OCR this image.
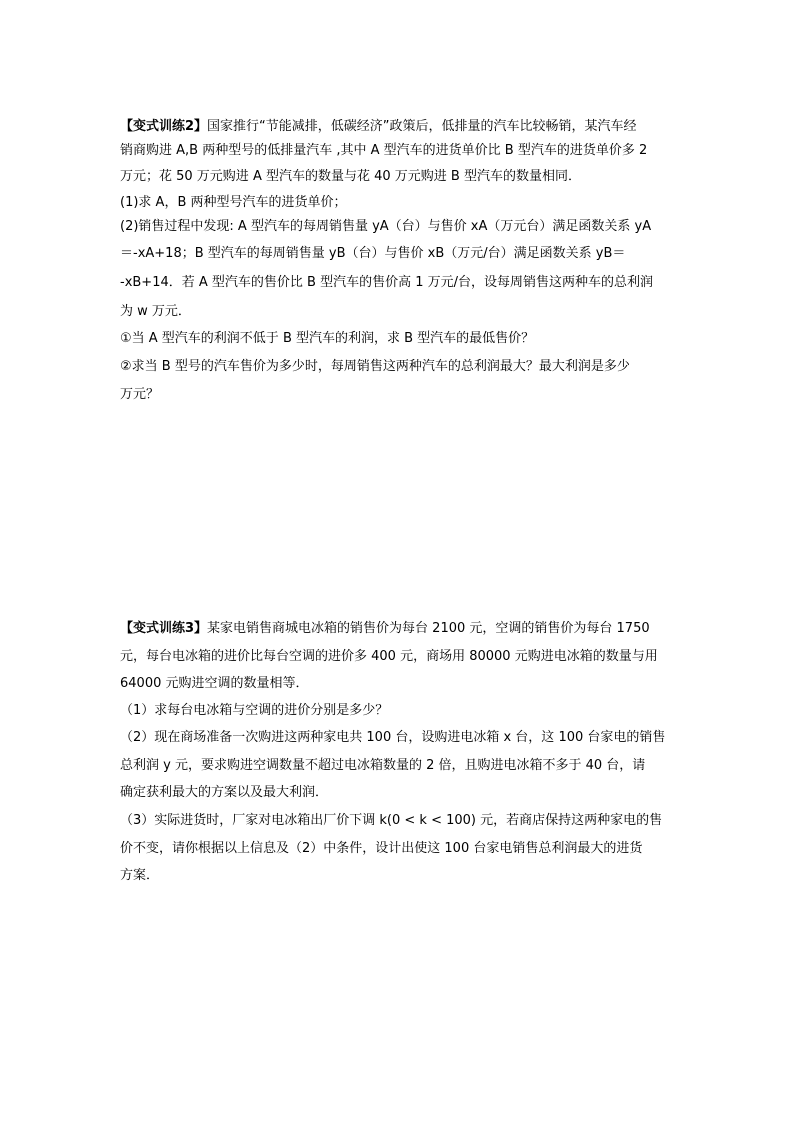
【变式训练2】国家推行“节能减排，低碳经济”政策后，低排量的汽车比较畅销，某汽车经
销商购进 A,B 两种型号的低排量汽车 ,其中 A 型汽车的进货单价比 B 型汽车的进货单价多 2
万元；花 50 万元购进 A 型汽车的数量与花 40 万元购进 B 型汽车的数量相同．
(1)求 A，B 两种型号汽车的进货单价；
(2)销售过程中发现: A 型汽车的每周销售量 yA（台）与售价 xA（万元台）满足函数关系 yA
＝-xA+18；B 型汽车的每周销售量 yB（台）与售价 xB（万元/台）满足函数关系 yB＝
-xB+14．若 A 型汽车的售价比 B 型汽车的售价高 1 万元/台，设每周销售这两种车的总利润
为 w 万元．
①当 A 型汽车的利润不低于 B 型汽车的利润，求 B 型汽车的最低售价？
②求当 B 型号的汽车售价为多少时，每周销售这两种汽车的总利润最大？最大利润是多少
万元？
【变式训练3】某家电销售商城电冰箱的销售价为每台 2100 元，空调的销售价为每台 1750
元，每台电冰箱的进价比每台空调的进价多 400 元，商场用 80000 元购进电冰箱的数量与用
64000 元购进空调的数量相等．
（1）求每台电冰箱与空调的进价分别是多少？
（2）现在商场准备一次购进这两种家电共 100 台，设购进电冰箱 x 台，这 100 台家电的销售
总利润 y 元，要求购进空调数量不超过电冰箱数量的 2 倍，且购进电冰箱不多于 40 台，请
确定获利最大的方案以及最大利润．
（3）实际进货时，厂家对电冰箱出厂价下调 k(0 < k < 100) 元，若商店保持这两种家电的售
价不变，请你根据以上信息及（2）中条件，设计出使这 100 台家电销售总利润最大的进货
方案．
